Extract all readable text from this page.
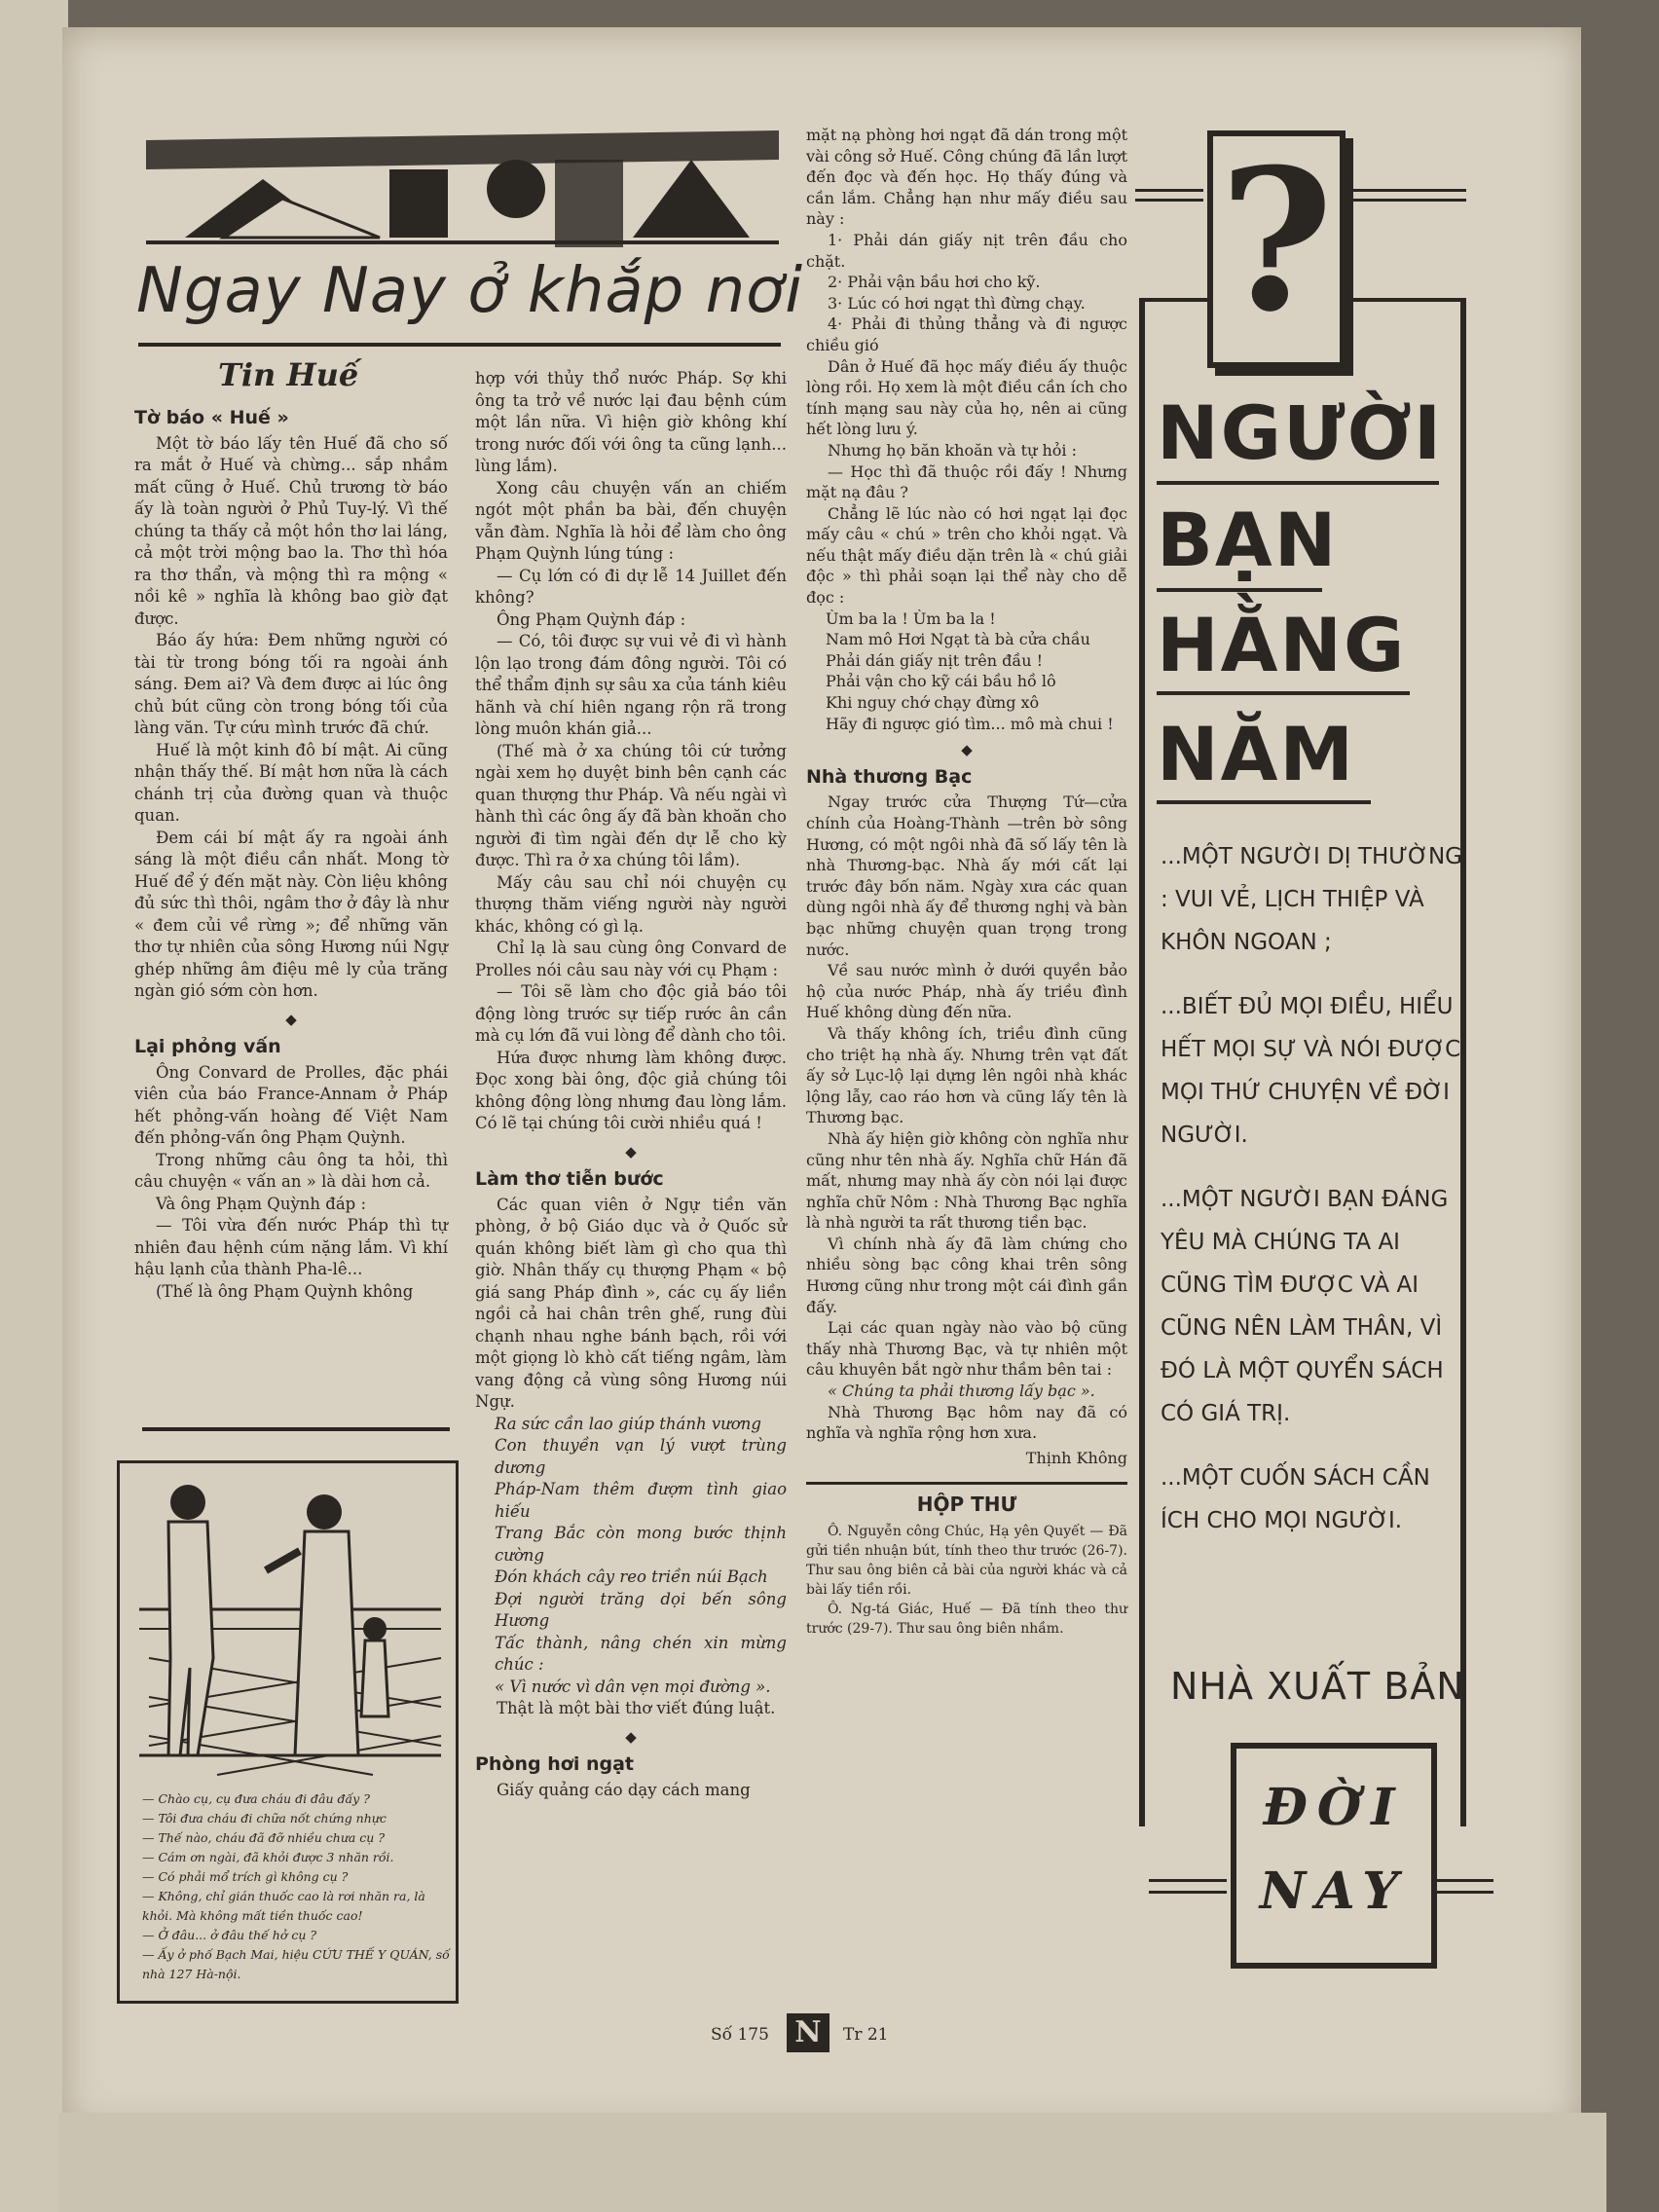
Ngay Nay ở khắp nơi
Tin Huế
Tờ báo « Huế »

Một tờ báo lấy tên Huế đã cho số ra mắt ở Huế và chừng... sắp nhầm mất cũng ở Huế. Chủ trương tờ báo ấy là toàn người ở Phủ Tuy-lý. Vì thế chúng ta thấy cả một hồn thơ lai láng, cả một trời mộng bao la. Thơ thì hóa ra thơ thẩn, và mộng thì ra mộng « nồi kê » nghĩa là không bao giờ đạt được.

Báo ấy hứa: Đem những người có tài từ trong bóng tối ra ngoài ánh sáng. Đem ai? Và đem được ai lúc ông chủ bút cũng còn trong bóng tối của làng văn. Tự cứu mình trước đã chứ.

Huế là một kinh đô bí mật. Ai cũng nhận thấy thế. Bí mật hơn nữa là cách chánh trị của đường quan và thuộc quan.

Đem cái bí mật ấy ra ngoài ánh sáng là một điều cần nhất. Mong tờ Huế để ý đến mặt này. Còn liệu không đủ sức thì thôi, ngâm thơ ở đây là như « đem củi về rừng »; để những văn thơ tự nhiên của sông Hương núi Ngự ghép những âm điệu mê ly của trăng ngàn gió sớm còn hơn.

◆
Lại phỏng vấn

Ông Convard de Prolles, đặc phái viên của báo France-Annam ở Pháp hết phỏng-vấn hoàng đế Việt Nam đến phỏng-vấn ông Phạm Quỳnh.

Trong những câu ông ta hỏi, thì câu chuyện « vấn an » là dài hơn cả.

Và ông Phạm Quỳnh đáp :

— Tôi vừa đến nước Pháp thì tự nhiên đau hệnh cúm nặng lắm. Vì khí hậu lạnh của thành Pha-lê...

(Thế là ông Phạm Quỳnh không

— Chào cụ, cụ đưa cháu đi đâu đấy ?
— Tôi đưa cháu đi chữa nốt chứng nhực
— Thế nào, cháu đã đỡ nhiều chưa cụ ?
— Cám ơn ngài, đã khỏi được 3 nhăn rồi.
— Có phải mổ trích gì không cụ ?
— Không, chỉ gián thuốc cao là rơi nhăn ra, là khỏi. Mà không mất tiền thuốc cao!
— Ở đâu... ở đâu thế hở cụ ?
— Ấy ở phố Bạch Mai, hiệu CỨU THẾ Y QUÁN, số nhà 127 Hà-nội.

hợp với thủy thổ nước Pháp. Sợ khi ông ta trở về nước lại đau bệnh cúm một lần nữa. Vì hiện giờ không khí trong nước đối với ông ta cũng lạnh... lùng lắm).

Xong câu chuyện vấn an chiếm ngót một phần ba bài, đến chuyện vẫn đàm. Nghĩa là hỏi để làm cho ông Phạm Quỳnh lúng túng :

— Cụ lớn có đi dự lễ 14 Juillet đến không?

Ông Phạm Quỳnh đáp :

— Có, tôi được sự vui vẻ đi vì hành lộn lạo trong đám đông người. Tôi có thể thẩm định sự sâu xa của tánh kiêu hãnh và chí hiên ngang rộn rã trong lòng muôn khán giả...

(Thế mà ở xa chúng tôi cứ tưởng ngài xem họ duyệt binh bên cạnh các quan thượng thư Pháp. Và nếu ngài vì hành thì các ông ấy đã bàn khoăn cho người đi tìm ngài đến dự lễ cho kỳ được. Thì ra ở xa chúng tôi lầm).

Mấy câu sau chỉ nói chuyện cụ thượng thăm viếng người này người khác, không có gì lạ.

Chỉ lạ là sau cùng ông Convard de Prolles nói câu sau này với cụ Phạm :

— Tôi sẽ làm cho độc giả báo tôi động lòng trước sự tiếp rước ân cần mà cụ lớn đã vui lòng để dành cho tôi.

Hứa được nhưng làm không được. Đọc xong bài ông, độc giả chúng tôi không động lòng nhưng đau lòng lắm. Có lẽ tại chúng tôi cười nhiều quá !

◆
Làm thơ tiễn bước

Các quan viên ở Ngự tiền văn phòng, ở bộ Giáo dục và ở Quốc sử quán không biết làm gì cho qua thì giờ. Nhân thấy cụ thượng Phạm « bộ giá sang Pháp đình », các cụ ấy liền ngồi cả hai chân trên ghế, rung đùi chạnh nhau nghe bánh bạch, rồi với một giọng lò khò cất tiếng ngâm, làm vang động cả vùng sông Hương núi Ngự.

Ra sức cần lao giúp thánh vương
Con thuyền vạn lý vượt trùng dương
Pháp-Nam thêm đượm tình giao hiếu
Trang Bắc còn mong bước thịnh cường
Đón khách cây reo triền núi Bạch
Đợi người trăng dọi bến sông Hương
Tấc thành, nâng chén xin mừng chúc :
« Vì nước vì dân vẹn mọi đường ».

Thật là một bài thơ viết đúng luật.

◆
Phòng hơi ngạt

Giấy quảng cáo dạy cách mang

mặt nạ phòng hơi ngạt đã dán trong một vài công sở Huế. Công chúng đã lần lượt đến đọc và đến học. Họ thấy đúng và cần lắm. Chẳng hạn như mấy điều sau này :

1· Phải dán giấy nịt trên đầu cho chặt.

2· Phải vận bầu hơi cho kỹ.

3· Lúc có hơi ngạt thì đừng chạy.

4· Phải đi thủng thẳng và đi ngược chiều gió

Dân ở Huế đã học mấy điều ấy thuộc lòng rồi. Họ xem là một điều cần ích cho tính mạng sau này của họ, nên ai cũng hết lòng lưu ý.

Nhưng họ băn khoăn và tự hỏi :

— Học thì đã thuộc rồi đấy ! Nhưng mặt nạ đâu ?

Chẳng lẽ lúc nào có hơi ngạt lại đọc mấy câu « chú » trên cho khỏi ngạt. Và nếu thật mấy điều dặn trên là « chú giải độc » thì phải soạn lại thể này cho dễ đọc :

Ùm ba la ! Ùm ba la !
Nam mô Hơi Ngạt tà bà cửa chầu
Phải dán giấy nịt trên đầu !
Phải vận cho kỹ cái bầu hồ lô
Khi nguy chớ chạy đừng xô
Hãy đi ngược gió tìm... mô mà chui !
◆
Nhà thương Bạc

Ngay trước cửa Thượng Tứ—cửa chính của Hoàng-Thành —trên bờ sông Hương, có một ngôi nhà đã số lấy tên là nhà Thương-bạc. Nhà ấy mới cất lại trước đây bốn năm. Ngày xưa các quan dùng ngôi nhà ấy để thương nghị và bàn bạc những chuyện quan trọng trong nước.

Về sau nước mình ở dưới quyền bảo hộ của nước Pháp, nhà ấy triều đình Huế không dùng đến nữa.

Và thấy không ích, triều đình cũng cho triệt hạ nhà ấy. Nhưng trên vạt đất ấy sở Lục-lộ lại dựng lên ngôi nhà khác lộng lẫy, cao ráo hơn và cũng lấy tên là Thương bạc.

Nhà ấy hiện giờ không còn nghĩa như cũng như tên nhà ấy. Nghĩa chữ Hán đã mất, nhưng may nhà ấy còn nói lại được nghĩa chữ Nôm : Nhà Thương Bạc nghĩa là nhà người ta rất thương tiền bạc.

Vì chính nhà ấy đã làm chứng cho nhiều sòng bạc công khai trên sông Hương cũng như trong một cái đình gần đấy.

Lại các quan ngày nào vào bộ cũng thấy nhà Thương Bạc, và tự nhiên một câu khuyên bắt ngờ như thầm bên tai :

« Chúng ta phải thương lấy bạc ».

Nhà Thương Bạc hôm nay đã có nghĩa và nghĩa rộng hơn xưa.

Thịnh Không
HỘP THƯ

Ô. Nguyễn công Chúc, Hạ yên Quyết — Đã gửi tiền nhuận bút, tính theo thư trước (26-7). Thư sau ông biên cả bài của người khác và cả bài lấy tiền rồi.

Ô. Ng-tá Giác, Huế — Đã tính theo thư trước (29-7). Thư sau ông biên nhầm.

?
NGƯỜI
BẠN
HẰNG
NĂM

...MỘT NGƯỜI DỊ THƯỜNG : VUI VẺ, LỊCH THIỆP VÀ KHÔN NGOAN ;

...BIẾT ĐỦ MỌI ĐIỀU, HIỂU HẾT MỌI SỰ VÀ NÓI ĐƯỢC MỌI THỨ CHUYỆN VỀ ĐỜI NGƯỜI.

...MỘT NGƯỜI BẠN ĐÁNG YÊU MÀ CHÚNG TA AI CŨNG TÌM ĐƯỢC VÀ AI CŨNG NÊN LÀM THÂN, VÌ ĐÓ LÀ MỘT QUYỂN SÁCH CÓ GIÁ TRỊ.

...MỘT CUỐN SÁCH CẦN ÍCH CHO MỌI NGƯỜI.

NHÀ XUẤT BẢN
ĐỜI
NAY
Số 175 N	Tr 21
